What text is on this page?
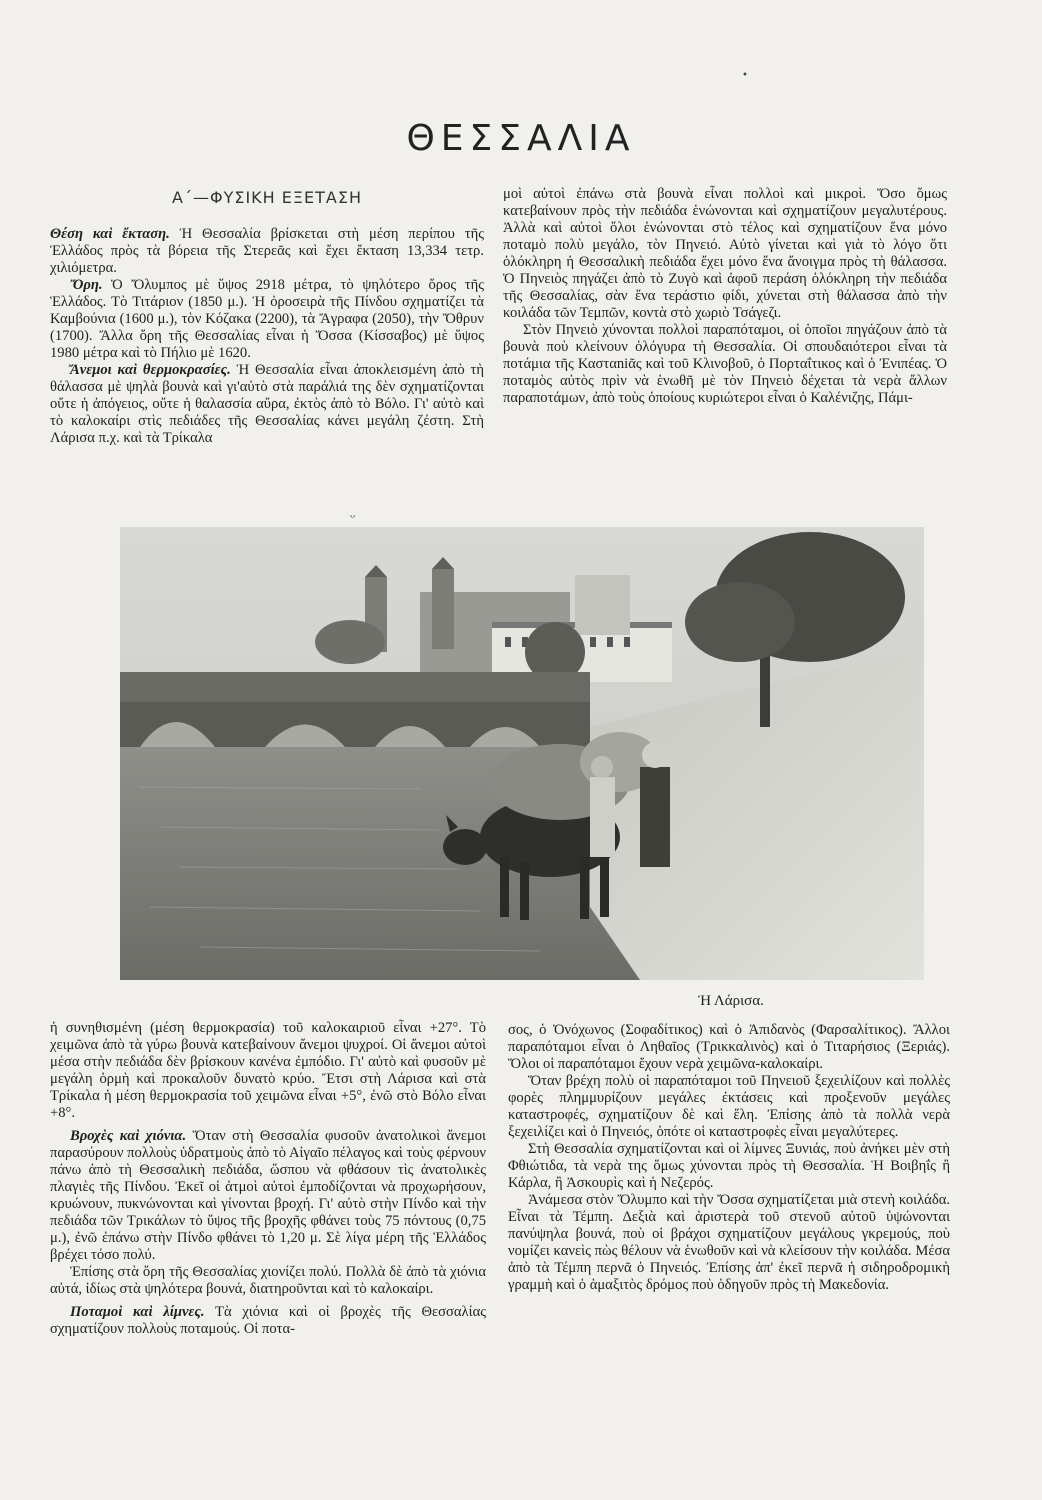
•
ΘΕΣΣΑΛΙΑ
Α΄—ΦΥΣΙΚΗ ΕΞΕΤΑΣΗ

Θέση καὶ ἔκταση. Ἡ Θεσσαλία βρίσκεται στὴ μέση περίπου τῆς Ἑλλάδος πρὸς τὰ βόρεια τῆς Στερεᾶς καὶ ἔχει ἔκταση 13,334 τετρ. χιλιόμετρα.

Ὄρη. Ὁ Ὄλυμπος μὲ ὕψος 2918 μέτρα, τὸ ψηλότερο ὄρος τῆς Ἑλλάδος. Τὸ Τιτάριον (1850 μ.). Ἡ ὀροσειρὰ τῆς Πίνδου σχηματίζει τὰ Καμβούνια (1600 μ.), τὸν Κόζακα (2200), τὰ Ἄγραφα (2050), τὴν Ὄθρυν (1700). Ἄλλα ὄρη τῆς Θεσσαλίας εἶναι ἡ Ὄσσα (Κίσσαβος) μὲ ὕψος 1980 μέτρα καὶ τὸ Πήλιο μὲ 1620.

Ἄνεμοι καὶ θερμοκρασίες. Ἡ Θεσσαλία εἶναι ἀποκλεισμένη ἀπὸ τὴ θάλασσα μὲ ψηλὰ βουνὰ καὶ γι'αὐτὸ στὰ παράλιά της δὲν σχηματίζονται οὔτε ἡ ἀπόγειος, οὔτε ἡ θαλασσία αὔρα, ἐκτὸς ἀπὸ τὸ Βόλο. Γι' αὐτὸ καὶ τὸ καλοκαίρι στὶς πεδιάδες τῆς Θεσσαλίας κάνει μεγάλη ζέστη. Στὴ Λάρισα π.χ. καὶ τὰ Τρίκαλα

μοὶ αὐτοὶ ἐπάνω στὰ βουνὰ εἶναι πολλοὶ καὶ μικροὶ. Ὅσο ὅμως κατεβαίνουν πρὸς τὴν πεδιάδα ἑνώνονται καὶ σχηματίζουν μεγαλυτέρους. Ἀλλὰ καὶ αὐτοὶ ὅλοι ἑνώνονται στὸ τέλος καὶ σχηματίζουν ἕνα μόνο ποταμὸ πολὺ μεγάλο, τὸν Πηνειό. Αὐτὸ γίνεται καὶ γιὰ τὸ λόγο ὅτι ὁλόκληρη ἡ Θεσσαλικὴ πεδιάδα ἔχει μόνο ἕνα ἄνοιγμα πρὸς τὴ θάλασσα. Ὁ Πηνειὸς πηγάζει ἀπὸ τὸ Ζυγὸ καὶ ἀφοῦ περάση ὁλόκληρη τὴν πεδιάδα τῆς Θεσσαλίας, σὰν ἕνα τεράστιο φίδι, χύνεται στὴ θάλασσα ἀπὸ τὴν κοιλάδα τῶν Τεμπῶν, κοντὰ στὸ χωριὸ Τσάγεζι.

Στὸν Πηνειὸ χύνονται πολλοὶ παραπόταμοι, οἱ ὁποῖοι πηγάζουν ἀπὸ τὰ βουνὰ ποὺ κλείνουν ὁλόγυρα τὴ Θεσσαλία. Οἱ σπουδαιότεροι εἶναι τὰ ποτάμια τῆς Κασταniᾶς καὶ τοῦ Κλινοβοῦ, ὁ Πορταΐτικος καὶ ὁ Ἐνιπέας. Ὁ ποταμὸς αὐτὸς πρὶν νὰ ἑνωθῆ μὲ τὸν Πηνειὸ δέχεται τὰ νερὰ ἄλλων παραποτάμων, ἀπὸ τοὺς ὁποίους κυριώτεροι εἶναι ὁ Καλένιζης, Πάμι-

ᵕ
Ἡ Λάρισα.

ἡ συνηθισμένη (μέση θερμοκρασία) τοῦ καλοκαιριοῦ εἶναι +27°. Τὸ χειμῶνα ἀπὸ τὰ γύρω βουνὰ κατεβαίνουν ἄνεμοι ψυχροί. Οἱ ἄνεμοι αὐτοὶ μέσα στὴν πεδιάδα δὲν βρίσκουν κανένα ἐμπόδιο. Γι' αὐτὸ καὶ φυσοῦν μὲ μεγάλη ὁρμὴ καὶ προκαλοῦν δυνατὸ κρύο. Ἔτσι στὴ Λάρισα καὶ στὰ Τρίκαλα ἡ μέση θερμοκρασία τοῦ χειμῶνα εἶναι +5°, ἐνῶ στὸ Βόλο εἶναι +8°.

Βροχὲς καὶ χιόνια. Ὅταν στὴ Θεσσαλία φυσοῦν ἀνατολικοὶ ἄνεμοι παρασύρουν πολλοὺς ὑδρατμοὺς ἀπὸ τὸ Αἰγαῖο πέλαγος καὶ τοὺς φέρνουν πάνω ἀπὸ τὴ Θεσσαλικὴ πεδιάδα, ὥσπου νὰ φθάσουν τὶς ἀνατολικὲς πλαγιὲς τῆς Πίνδου. Ἐκεῖ οἱ ἀτμοὶ αὐτοὶ ἐμποδίζονται νὰ προχωρήσουν, κρυώνουν, πυκνώνονται καὶ γίνονται βροχή. Γι' αὐτὸ στὴν Πίνδο καὶ τὴν πεδιάδα τῶν Τρικάλων τὸ ὕψος τῆς βροχῆς φθάνει τοὺς 75 πόντους (0,75 μ.), ἐνῶ ἐπάνω στὴν Πίνδο φθάνει τὸ 1,20 μ. Σὲ λίγα μέρη τῆς Ἑλλάδος βρέχει τόσο πολύ.

Ἐπίσης στὰ ὄρη τῆς Θεσσαλίας χιονίζει πολύ. Πολλὰ δὲ ἀπὸ τὰ χιόνια αὐτά, ἰδίως στὰ ψηλότερα βουνά, διατηροῦνται καὶ τὸ καλοκαίρι.

Ποταμοὶ καὶ λίμνες. Τὰ χιόνια καὶ οἱ βροχὲς τῆς Θεσσαλίας σχηματίζουν πολλοὺς ποταμούς. Οἱ ποτα-

σος, ὁ Ὀνόχωνος (Σοφαδίτικος) καὶ ὁ Ἀπιδανὸς (Φαρσαλίτικος). Ἄλλοι παραπόταμοι εἶναι ὁ Ληθαῖος (Τρικκαλινὸς) καὶ ὁ Τιταρήσιος (Ξεριάς). Ὅλοι οἱ παραπόταμοι ἔχουν νερὰ χειμῶνα-καλοκαίρι.

Ὅταν βρέχη πολὺ οἱ παραπόταμοι τοῦ Πηνειοῦ ξεχειλίζουν καὶ πολλὲς φορὲς πλημμυρίζουν μεγάλες ἐκτάσεις καὶ προξενοῦν μεγάλες καταστροφές, σχηματίζουν δὲ καὶ ἕλη. Ἐπίσης ἀπὸ τὰ πολλὰ νερὰ ξεχειλίζει καὶ ὁ Πηνειός, ὁπότε οἱ καταστροφὲς εἶναι μεγαλύτερες.

Στὴ Θεσσαλία σχηματίζονται καὶ οἱ λίμνες Ξυνιάς, ποὺ ἀνήκει μὲν στὴ Φθιώτιδα, τὰ νερὰ της ὅμως χύνονται πρὸς τὴ Θεσσαλία. Ἡ Βοιβηΐς ἢ Κάρλα, ἢ Ἀσκουρὶς καὶ ἡ Νεζερός.

Ἀνάμεσα στὸν Ὄλυμπο καὶ τὴν Ὄσσα σχηματίζεται μιὰ στενὴ κοιλάδα. Εἶναι τὰ Τέμπη. Δεξιὰ καὶ ἀριστερὰ τοῦ στενοῦ αὐτοῦ ὑψώνονται πανύψηλα βουνά, ποὺ οἱ βράχοι σχηματίζουν μεγάλους γκρεμούς, ποὺ νομίζει κανεὶς πὼς θέλουν νὰ ἑνωθοῦν καὶ νὰ κλείσουν τὴν κοιλάδα. Μέσα ἀπὸ τὰ Τέμπη περνᾶ ὁ Πηνειός. Ἐπίσης ἀπ' ἐκεῖ περνᾶ ἡ σιδηροδρομικὴ γραμμὴ καὶ ὁ ἁμαξιτὸς δρόμος ποὺ ὁδηγοῦν πρὸς τὴ Μακεδονία.
